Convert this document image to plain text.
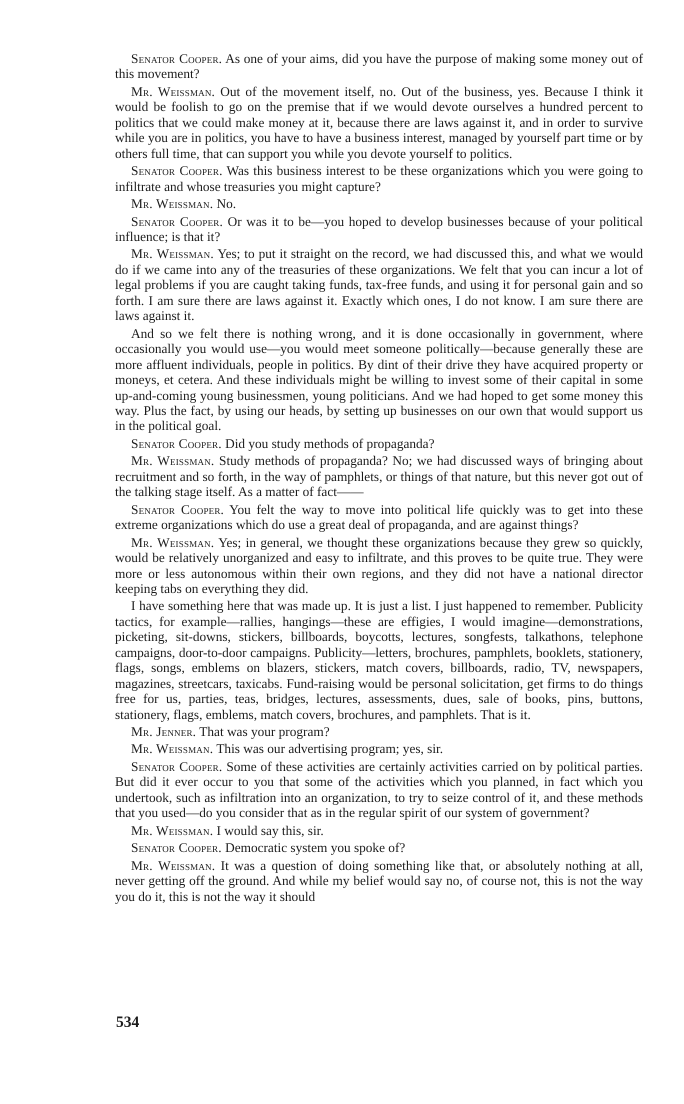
Senator Cooper. As one of your aims, did you have the purpose of making some money out of this movement?

Mr. Weissman. Out of the movement itself, no. Out of the business, yes. Because I think it would be foolish to go on the premise that if we would devote ourselves a hundred percent to politics that we could make money at it, because there are laws against it, and in order to survive while you are in politics, you have to have a business interest, managed by yourself part time or by others full time, that can support you while you devote yourself to politics.

Senator Cooper. Was this business interest to be these organizations which you were going to infiltrate and whose treasuries you might capture?

Mr. Weissman. No.

Senator Cooper. Or was it to be—you hoped to develop businesses because of your political influence; is that it?

Mr. Weissman. Yes; to put it straight on the record, we had discussed this, and what we would do if we came into any of the treasuries of these organizations. We felt that you can incur a lot of legal problems if you are caught taking funds, tax-free funds, and using it for personal gain and so forth. I am sure there are laws against it. Exactly which ones, I do not know. I am sure there are laws against it.

And so we felt there is nothing wrong, and it is done occasionally in government, where occasionally you would use—you would meet someone politically—because generally these are more affluent individuals, people in politics. By dint of their drive they have acquired property or moneys, et cetera. And these individuals might be willing to invest some of their capital in some up-and-coming young businessmen, young politicians. And we had hoped to get some money this way. Plus the fact, by using our heads, by setting up businesses on our own that would support us in the political goal.

Senator Cooper. Did you study methods of propaganda?

Mr. Weissman. Study methods of propaganda? No; we had discussed ways of bringing about recruitment and so forth, in the way of pamphlets, or things of that nature, but this never got out of the talking stage itself. As a matter of fact——

Senator Cooper. You felt the way to move into political life quickly was to get into these extreme organizations which do use a great deal of propaganda, and are against things?

Mr. Weissman. Yes; in general, we thought these organizations because they grew so quickly, would be relatively unorganized and easy to infiltrate, and this proves to be quite true. They were more or less autonomous within their own regions, and they did not have a national director keeping tabs on everything they did.

I have something here that was made up. It is just a list. I just happened to remember. Publicity tactics, for example—rallies, hangings—these are effigies, I would imagine—demonstrations, picketing, sit-downs, stickers, billboards, boycotts, lectures, songfests, talkathons, telephone campaigns, door-to-door campaigns. Publicity—letters, brochures, pamphlets, booklets, stationery, flags, songs, emblems on blazers, stickers, match covers, billboards, radio, TV, newspapers, magazines, streetcars, taxicabs. Fund-raising would be personal solicitation, get firms to do things free for us, parties, teas, bridges, lectures, assessments, dues, sale of books, pins, buttons, stationery, flags, emblems, match covers, brochures, and pamphlets. That is it.

Mr. Jenner. That was your program?

Mr. Weissman. This was our advertising program; yes, sir.

Senator Cooper. Some of these activities are certainly activities carried on by political parties. But did it ever occur to you that some of the activities which you planned, in fact which you undertook, such as infiltration into an organization, to try to seize control of it, and these methods that you used—do you consider that as in the regular spirit of our system of government?

Mr. Weissman. I would say this, sir.

Senator Cooper. Democratic system you spoke of?

Mr. Weissman. It was a question of doing something like that, or absolutely nothing at all, never getting off the ground. And while my belief would say no, of course not, this is not the way you do it, this is not the way it should

534
